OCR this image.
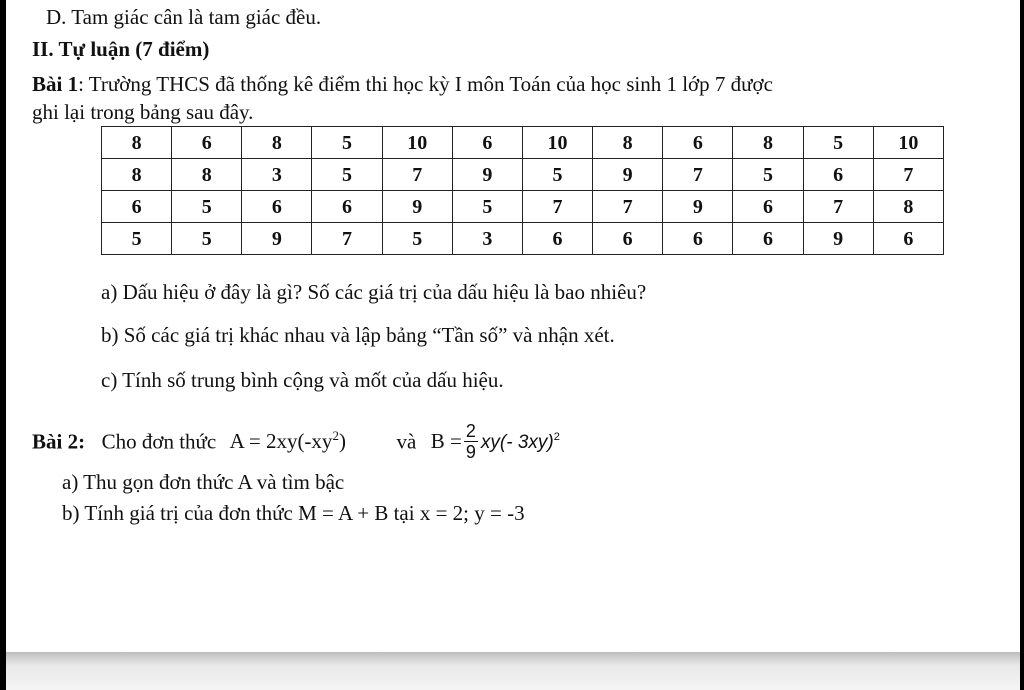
D. Tam giác cân là tam giác đều.
II. Tự luận (7 điểm)
Bài 1: Trường THCS đã thống kê điểm thi học kỳ I môn Toán của học sinh 1 lớp 7 được
ghi lại trong bảng sau đây.
8	6	8	5	10	6	10	8	6	8	5	10
8	8	3	5	7	9	5	9	7	5	6	7
6	5	6	6	9	5	7	7	9	6	7	8
5	5	9	7	5	3	6	6	6	6	9	6
a) Dấu hiệu ở đây là gì? Số các giá trị của dấu hiệu là bao nhiêu?
b) Số các giá trị khác nhau và lập bảng “Tần số” và nhận xét.
c) Tính số trung bình cộng và mốt của dấu hiệu.
Bài 2: Cho đơn thức $A = 2xy(-xy^2)$ và $B = \frac{2}{9} xy(-$ 3xy)$^2$
a) Thu gọn đơn thức A và tìm bậc
b) Tính giá trị của đơn thức M = A + B tại x = 2; y = -3
